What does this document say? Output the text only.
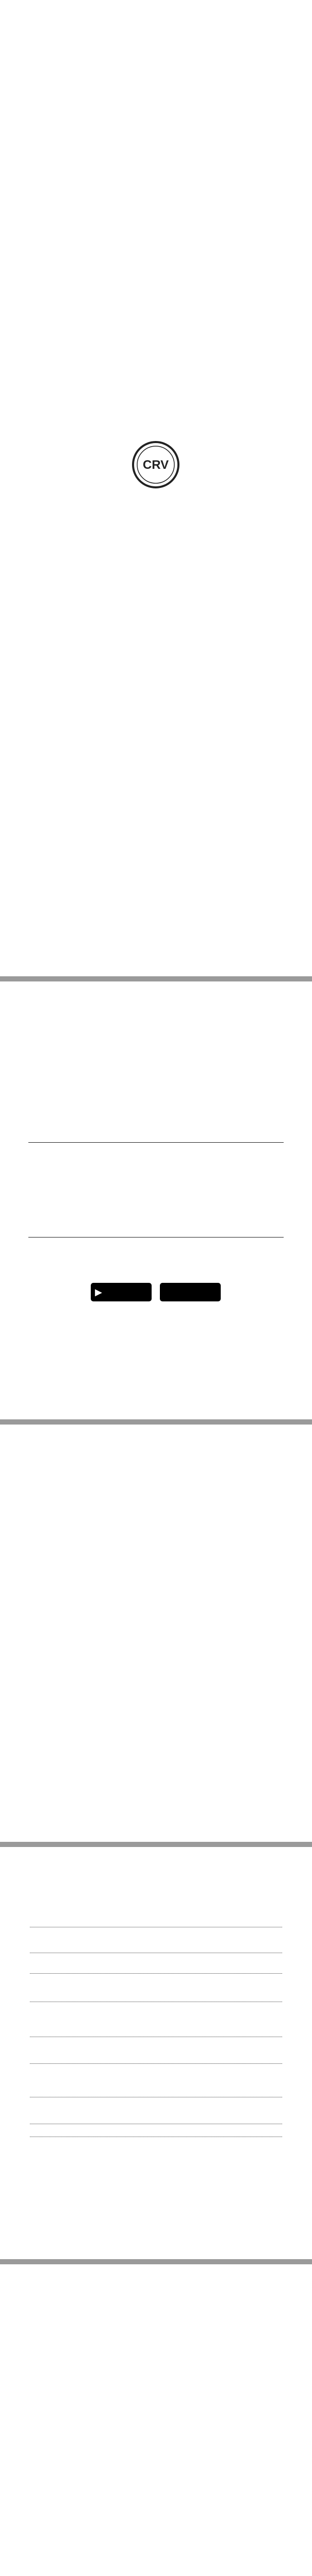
CRV
▶
